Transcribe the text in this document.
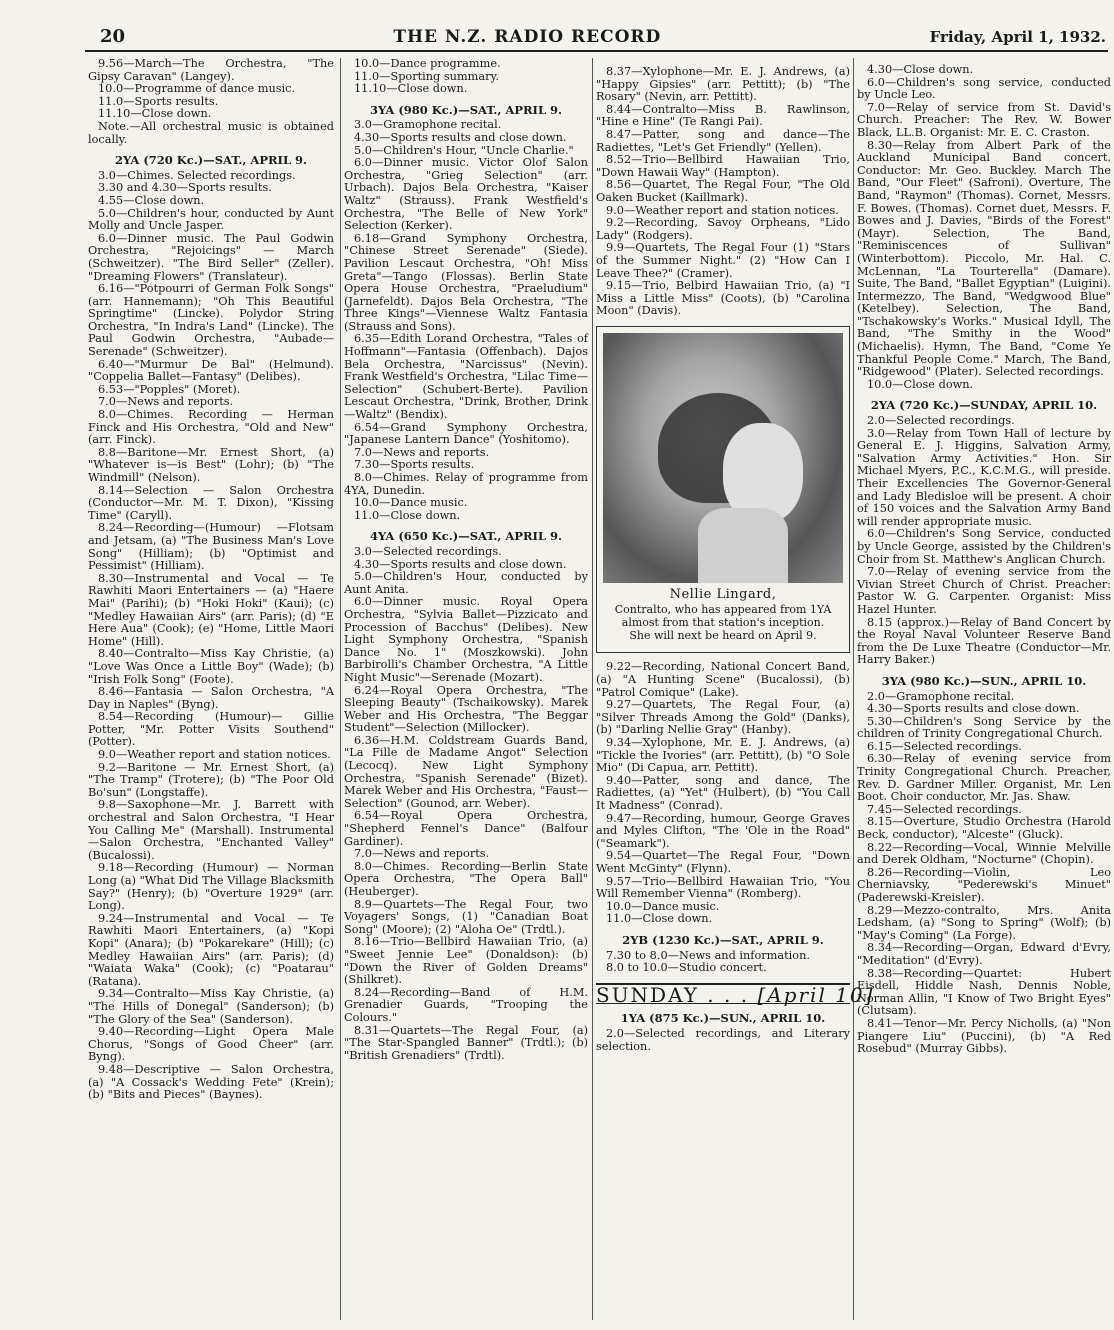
20	THE N.Z. RADIO RECORD	Friday, April 1, 1932.

9.56—March—The Orchestra, "The Gipsy Caravan" (Langey).

10.0—Programme of dance music.

11.0—Sports results.

11.10—Close down.

Note.—All orchestral music is obtained locally.

2YA (720 Kc.)—SAT., APRIL 9.

3.0—Chimes. Selected recordings.

3.30 and 4.30—Sports results.

4.55—Close down.

5.0—Children's hour, conducted by Aunt Molly and Uncle Jasper.

6.0—Dinner music. The Paul Godwin Orchestra, "Rejoicings" — March (Schweitzer). "The Bird Seller" (Zeller). "Dreaming Flowers" (Translateur).

6.16—"Potpourri of German Folk Songs" (arr. Hannemann); "Oh This Beautiful Springtime" (Lincke). Polydor String Orchestra, "In Indra's Land" (Lincke). The Paul Godwin Orchestra, "Aubade—Serenade" (Schweitzer).

6.40—"Murmur De Bal" (Helmund). "Coppelia Ballet—Fantasy" (Delibes).

6.53—"Popples" (Moret).

7.0—News and reports.

8.0—Chimes. Recording — Herman Finck and His Orchestra, "Old and New" (arr. Finck).

8.8—Baritone—Mr. Ernest Short, (a) "Whatever is—is Best" (Lohr); (b) "The Windmill" (Nelson).

8.14—Selection — Salon Orchestra (Conductor—Mr. M. T. Dixon), "Kissing Time" (Caryll).

8.24—Recording—(Humour) —Flotsam and Jetsam, (a) "The Business Man's Love Song" (Hilliam); (b) "Optimist and Pessimist" (Hilliam).

8.30—Instrumental and Vocal — Te Rawhiti Maori Entertainers — (a) "Haere Mai" (Parihi); (b) "Hoki Hoki" (Kaui); (c) "Medley Hawaiian Airs" (arr. Paris); (d) "E Here Aua" (Cook); (e) "Home, Little Maori Home" (Hill).

8.40—Contralto—Miss Kay Christie, (a) "Love Was Once a Little Boy" (Wade); (b) "Irish Folk Song" (Foote).

8.46—Fantasia — Salon Orchestra, "A Day in Naples" (Byng).

8.54—Recording (Humour)— Gillie Potter, "Mr. Potter Visits Southend" (Potter).

9.0—Weather report and station notices.

9.2—Baritone — Mr. Ernest Short, (a) "The Tramp" (Trotere); (b) "The Poor Old Bo'sun" (Longstaffe).

9.8—Saxophone—Mr. J. Barrett with orchestral and Salon Orchestra, "I Hear You Calling Me" (Marshall). Instrumental—Salon Orchestra, "Enchanted Valley" (Bucalossi).

9.18—Recording (Humour) — Norman Long (a) "What Did The Village Blacksmith Say?" (Henry); (b) "Overture 1929" (arr. Long).

9.24—Instrumental and Vocal — Te Rawhiti Maori Entertainers, (a) "Kopi Kopi" (Anara); (b) "Pokarekare" (Hill); (c) Medley Hawaiian Airs" (arr. Paris); (d) "Waiata Waka" (Cook); (c) "Poatarau" (Ratana).

9.34—Contralto—Miss Kay Christie, (a) "The Hills of Donegal" (Sanderson); (b) "The Glory of the Sea" (Sanderson).

9.40—Recording—Light Opera Male Chorus, "Songs of Good Cheer" (arr. Byng).

9.48—Descriptive — Salon Orchestra, (a) "A Cossack's Wedding Fete" (Krein); (b) "Bits and Pieces" (Baynes).

10.0—Dance programme.

11.0—Sporting summary.

11.10—Close down.

3YA (980 Kc.)—SAT., APRIL 9.

3.0—Gramophone recital.

4.30—Sports results and close down.

5.0—Children's Hour, "Uncle Charlie."

6.0—Dinner music. Victor Olof Salon Orchestra, "Grieg Selection" (arr. Urbach). Dajos Bela Orchestra, "Kaiser Waltz" (Strauss). Frank Westfield's Orchestra, "The Belle of New York" Selection (Kerker).

6.18—Grand Symphony Orchestra, "Chinese Street Serenade" (Siede). Pavilion Lescaut Orchestra, "Oh! Miss Greta"—Tango (Flossas). Berlin State Opera House Orchestra, "Praeludium" (Jarnefeldt). Dajos Bela Orchestra, "The Three Kings"—Viennese Waltz Fantasia (Strauss and Sons).

6.35—Edith Lorand Orchestra, "Tales of Hoffmann"—Fantasia (Offenbach). Dajos Bela Orchestra, "Narcissus" (Nevin). Frank Westfield's Orchestra, "Lilac Time—Selection" (Schubert-Berte). Pavilion Lescaut Orchestra, "Drink, Brother, Drink—Waltz" (Bendix).

6.54—Grand Symphony Orchestra, "Japanese Lantern Dance" (Yoshitomo).

7.0—News and reports.

7.30—Sports results.

8.0—Chimes. Relay of programme from 4YA, Dunedin.

10.0—Dance music.

11.0—Close down.

4YA (650 Kc.)—SAT., APRIL 9.

3.0—Selected recordings.

4.30—Sports results and close down.

5.0—Children's Hour, conducted by Aunt Anita.

6.0—Dinner music. Royal Opera Orchestra, "Sylvia Ballet—Pizzicato and Procession of Bacchus" (Delibes). New Light Symphony Orchestra, "Spanish Dance No. 1" (Moszkowski). John Barbirolli's Chamber Orchestra, "A Little Night Music"—Serenade (Mozart).

6.24—Royal Opera Orchestra, "The Sleeping Beauty" (Tschaikowsky). Marek Weber and His Orchestra, "The Beggar Student"—Selection (Millocker).

6.36—H.M. Coldstream Guards Band, "La Fille de Madame Angot" Selection (Lecocq). New Light Symphony Orchestra, "Spanish Serenade" (Bizet). Marek Weber and His Orchestra, "Faust—Selection" (Gounod, arr. Weber).

6.54—Royal Opera Orchestra, "Shepherd Fennel's Dance" (Balfour Gardiner).

7.0—News and reports.

8.0—Chimes. Recording—Berlin State Opera Orchestra, "The Opera Ball" (Heuberger).

8.9—Quartets—The Regal Four, two Voyagers' Songs, (1) "Canadian Boat Song" (Moore); (2) "Aloha Oe" (Trdtl.).

8.16—Trio—Bellbird Hawaiian Trio, (a) "Sweet Jennie Lee" (Donaldson): (b) "Down the River of Golden Dreams" (Shilkret).

8.24—Recording—Band of H.M. Grenadier Guards, "Trooping the Colours."

8.31—Quartets—The Regal Four, (a) "The Star-Spangled Banner" (Trdtl.); (b) "British Grenadiers" (Trdtl).

8.37—Xylophone—Mr. E. J. Andrews, (a) "Happy Gipsies" (arr. Pettitt); (b) "The Rosary" (Nevin, arr. Pettitt).

8.44—Contralto—Miss B. Rawlinson, "Hine e Hine" (Te Rangi Pai).

8.47—Patter, song and dance—The Radiettes, "Let's Get Friendly" (Yellen).

8.52—Trio—Bellbird Hawaiian Trio, "Down Hawaii Way" (Hampton).

8.56—Quartet, The Regal Four, "The Old Oaken Bucket (Kaillmark).

9.0—Weather report and station notices.

9.2—Recording, Savoy Orpheans, "Lido Lady" (Rodgers).

9.9—Quartets, The Regal Four (1) "Stars of the Summer Night." (2) "How Can I Leave Thee?" (Cramer).

9.15—Trio, Belbird Hawaiian Trio, (a) "I Miss a Little Miss" (Coots), (b) "Carolina Moon" (Davis).

Nellie Lingard,
Contralto, who has appeared from 1YA almost from that station's inception. She will next be heard on April 9.

9.22—Recording, National Concert Band, (a) "A Hunting Scene" (Bucalossi), (b) "Patrol Comique" (Lake).

9.27—Quartets, The Regal Four, (a) "Silver Threads Among the Gold" (Danks), (b) "Darling Nellie Gray" (Hanby).

9.34—Xylophone, Mr. E. J. Andrews, (a) "Tickle the Ivories" (arr. Pettitt), (b) "O Sole Mio" (Di Capua, arr. Pettitt).

9.40—Patter, song and dance, The Radiettes, (a) "Yet" (Hulbert), (b) "You Call It Madness" (Conrad).

9.47—Recording, humour, George Graves and Myles Clifton, "The 'Ole in the Road" ("Seamark").

9.54—Quartet—The Regal Four, "Down Went McGinty" (Flynn).

9.57—Trio—Bellbird Hawaiian Trio, "You Will Remember Vienna" (Romberg).

10.0—Dance music.

11.0—Close down.

2YB (1230 Kc.)—SAT., APRIL 9.

7.30 to 8.0—News and information.

8.0 to 10.0—Studio concert.

SUNDAY . . . [April 10]
1YA (875 Kc.)—SUN., APRIL 10.

2.0—Selected recordings, and Literary selection.

4.30—Close down.

6.0—Children's song service, conducted by Uncle Leo.

7.0—Relay of service from St. David's Church. Preacher: The Rev. W. Bower Black, LL.B. Organist: Mr. E. C. Craston.

8.30—Relay from Albert Park of the Auckland Municipal Band concert. Conductor: Mr. Geo. Buckley. March The Band, "Our Fleet" (Safroni). Overture, The Band, "Raymon" (Thomas). Cornet, Messrs. F. Bowes. (Thomas). Cornet duet, Messrs. F. Bowes and J. Davies, "Birds of the Forest" (Mayr). Selection, The Band, "Reminiscences of Sullivan" (Winterbottom). Piccolo, Mr. Hal. C. McLennan, "La Tourterella" (Damare). Suite, The Band, "Ballet Egyptian" (Luigini). Intermezzo, The Band, "Wedgwood Blue" (Ketelbey). Selection, The Band, "Tschakowsky's Works." Musical Idyll, The Band, "The Smithy in the Wood" (Michaelis). Hymn, The Band, "Come Ye Thankful People Come." March, The Band, "Ridgewood" (Plater). Selected recordings.

10.0—Close down.

2YA (720 Kc.)—SUNDAY, APRIL 10.

2.0—Selected recordings.

3.0—Relay from Town Hall of lecture by General E. J. Higgins, Salvation Army, "Salvation Army Activities." Hon. Sir Michael Myers, P.C., K.C.M.G., will preside. Their Excellencies The Governor-General and Lady Bledisloe will be present. A choir of 150 voices and the Salvation Army Band will render appropriate music.

6.0—Children's Song Service, conducted by Uncle George, assisted by the Children's Choir from St. Matthew's Anglican Church.

7.0—Relay of evening service from the Vivian Street Church of Christ. Preacher: Pastor W. G. Carpenter. Organist: Miss Hazel Hunter.

8.15 (approx.)—Relay of Band Concert by the Royal Naval Volunteer Reserve Band from the De Luxe Theatre (Conductor—Mr. Harry Baker.)

3YA (980 Kc.)—SUN., APRIL 10.

2.0—Gramophone recital.

4.30—Sports results and close down.

5.30—Children's Song Service by the children of Trinity Congregational Church.

6.15—Selected recordings.

6.30—Relay of evening service from Trinity Congregational Church. Preacher, Rev. D. Gardner Miller. Organist, Mr. Len Boot. Choir conductor, Mr. Jas. Shaw.

7.45—Selected recordings.

8.15—Overture, Studio Orchestra (Harold Beck, conductor), "Alceste" (Gluck).

8.22—Recording—Vocal, Winnie Melville and Derek Oldham, "Nocturne" (Chopin).

8.26—Recording—Violin, Leo Cherniavsky, "Pederewski's Minuet" (Paderewski-Kreisler).

8.29—Mezzo-contralto, Mrs. Anita Ledsham, (a) "Song to Spring" (Wolf); (b) "May's Coming" (La Forge).

8.34—Recording—Organ, Edward d'Evry, "Meditation" (d'Evry).

8.38—Recording—Quartet: Hubert Eisdell, Hiddle Nash, Dennis Noble, Norman Allin, "I Know of Two Bright Eyes" (Clutsam).

8.41—Tenor—Mr. Percy Nicholls, (a) "Non Piangere Liu" (Puccini), (b) "A Red Rosebud" (Murray Gibbs).
